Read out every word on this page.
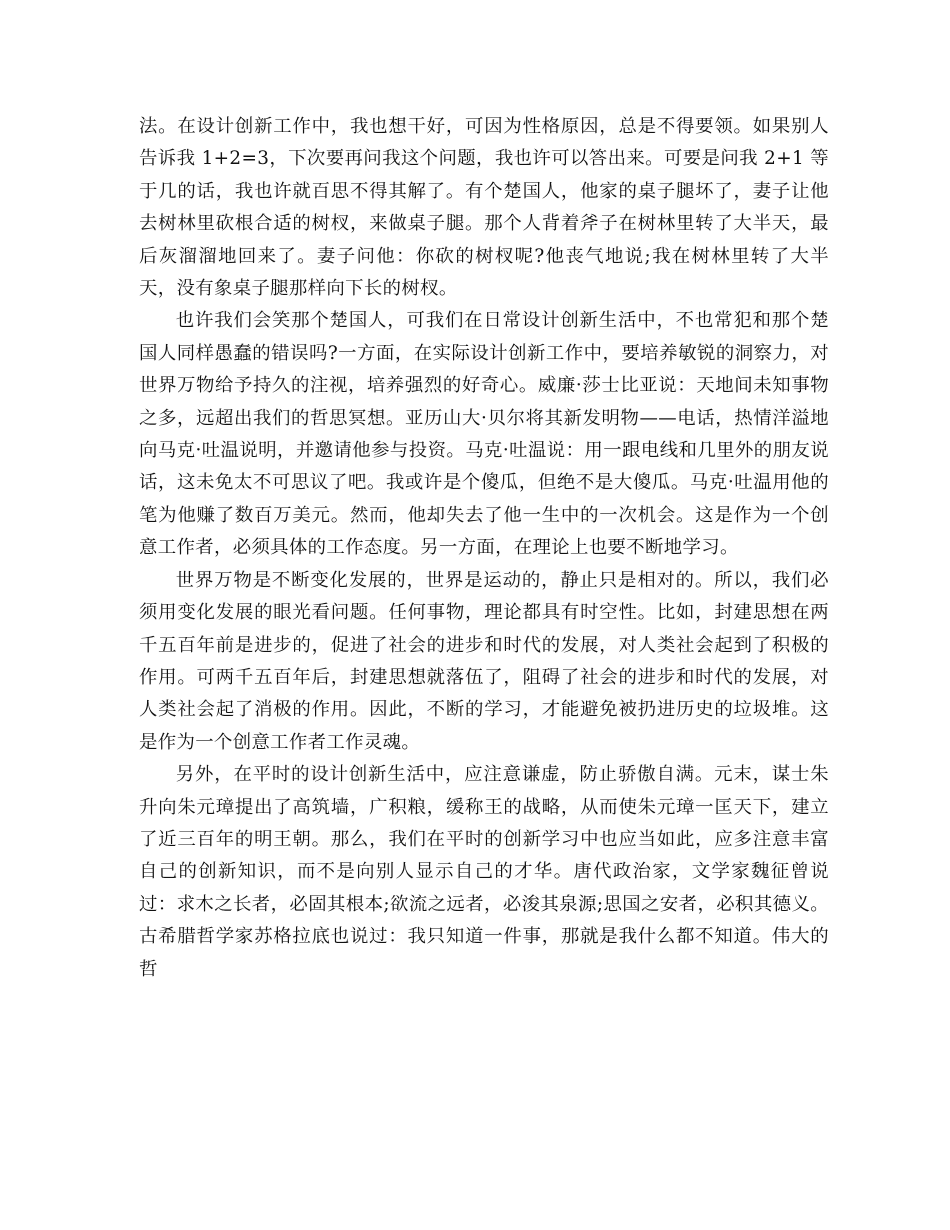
法。在设计创新工作中，我也想干好，可因为性格原因，总是不得要领。如果别人告诉我 1+2=3，下次要再问我这个问题，我也许可以答出来。可要是问我 2+1 等于几的话，我也许就百思不得其解了。有个楚国人，他家的桌子腿坏了，妻子让他去树林里砍根合适的树杈，来做桌子腿。那个人背着斧子在树林里转了大半天，最后灰溜溜地回来了。妻子问他：你砍的树杈呢?他丧气地说;我在树林里转了大半天，没有象桌子腿那样向下长的树杈。

也许我们会笑那个楚国人，可我们在日常设计创新生活中，不也常犯和那个楚国人同样愚蠢的错误吗?一方面，在实际设计创新工作中，要培养敏锐的洞察力，对世界万物给予持久的注视，培养强烈的好奇心。威廉·莎士比亚说：天地间未知事物之多，远超出我们的哲思冥想。亚历山大·贝尔将其新发明物——电话，热情洋溢地向马克·吐温说明，并邀请他参与投资。马克·吐温说：用一跟电线和几里外的朋友说话，这未免太不可思议了吧。我或许是个傻瓜，但绝不是大傻瓜。马克·吐温用他的笔为他赚了数百万美元。然而，他却失去了他一生中的一次机会。这是作为一个创意工作者，必须具体的工作态度。另一方面，在理论上也要不断地学习。

世界万物是不断变化发展的，世界是运动的，静止只是相对的。所以，我们必须用变化发展的眼光看问题。任何事物，理论都具有时空性。比如，封建思想在两千五百年前是进步的，促进了社会的进步和时代的发展，对人类社会起到了积极的作用。可两千五百年后，封建思想就落伍了，阻碍了社会的进步和时代的发展，对人类社会起了消极的作用。因此，不断的学习，才能避免被扔进历史的垃圾堆。这是作为一个创意工作者工作灵魂。

另外，在平时的设计创新生活中，应注意谦虚，防止骄傲自满。元末，谋士朱升向朱元璋提出了高筑墙，广积粮，缓称王的战略，从而使朱元璋一匡天下，建立了近三百年的明王朝。那么，我们在平时的创新学习中也应当如此，应多注意丰富自己的创新知识，而不是向别人显示自己的才华。唐代政治家，文学家魏征曾说过：求木之长者，必固其根本;欲流之远者，必浚其泉源;思国之安者，必积其德义。古希腊哲学家苏格拉底也说过：我只知道一件事，那就是我什么都不知道。伟大的哲
